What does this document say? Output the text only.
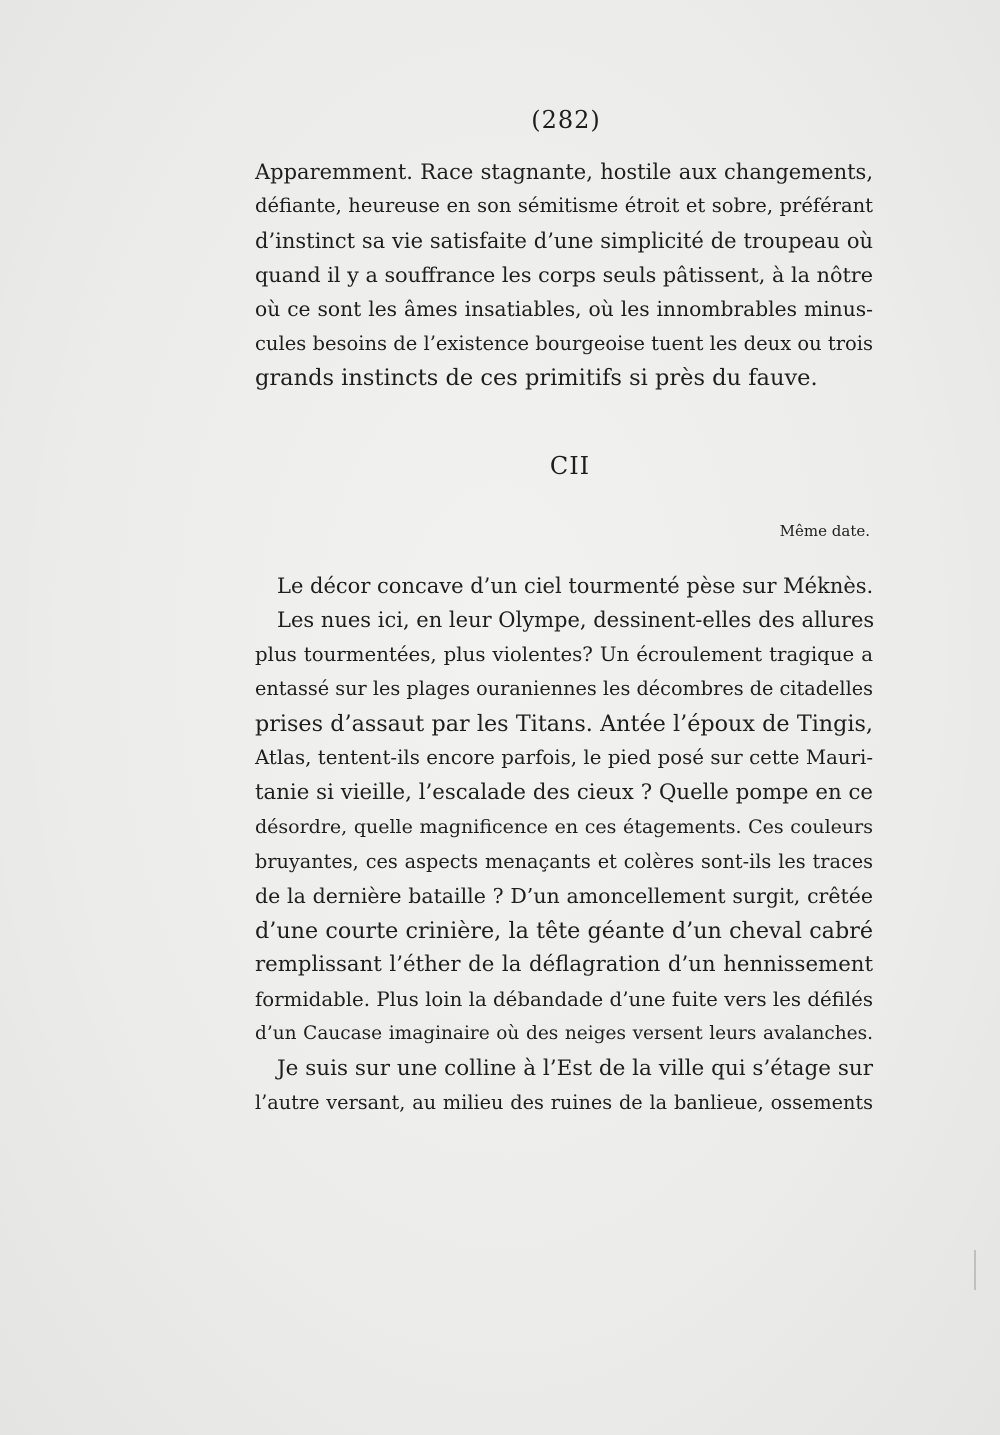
(282)
Apparemment. Race stagnante, hostile aux changements,
défiante, heureuse en son sémitisme étroit et sobre, préférant
d’instinct sa vie satisfaite d’une simplicité de troupeau où
quand il y a souffrance les corps seuls pâtissent, à la nôtre
où ce sont les âmes insatiables, où les innombrables minus-
cules besoins de l’existence bourgeoise tuent les deux ou trois
grands instincts de ces primitifs si près du fauve.
CII
Même date.
Le décor concave d’un ciel tourmenté pèse sur Méknès.
Les nues ici, en leur Olympe, dessinent-elles des allures
plus tourmentées, plus violentes? Un écroulement tragique a
entassé sur les plages ouraniennes les décombres de citadelles
prises d’assaut par les Titans. Antée l’époux de Tingis,
Atlas, tentent-ils encore parfois, le pied posé sur cette Mauri-
tanie si vieille, l’escalade des cieux ? Quelle pompe en ce
désordre, quelle magnificence en ces étagements. Ces couleurs
bruyantes, ces aspects menaçants et colères sont-ils les traces
de la dernière bataille ? D’un amoncellement surgit, crêtée
d’une courte crinière, la tête géante d’un cheval cabré
remplissant l’éther de la déflagration d’un hennissement
formidable. Plus loin la débandade d’une fuite vers les défilés
d’un Caucase imaginaire où des neiges versent leurs avalanches.
Je suis sur une colline à l’Est de la ville qui s’étage sur
l’autre versant, au milieu des ruines de la banlieue, ossements
